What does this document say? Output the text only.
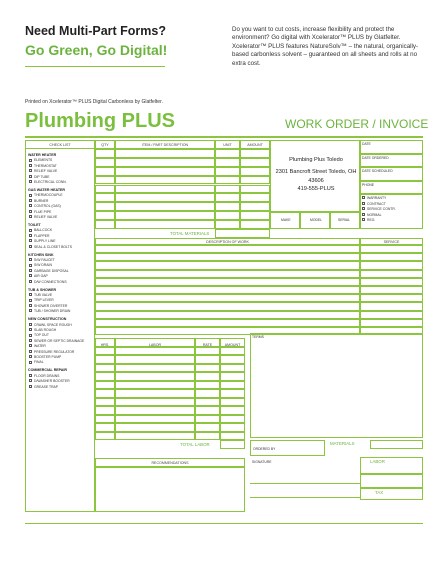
Need Multi-Part Forms?
Go Green, Go Digital!
Do you want to cut costs, increase flexibility and protect the environment? Go digital with Xcelerator™ PLUS by Glatfelter. Xcelerator™ PLUS features NatureSolv™ – the natural, organically-based carbonless solvent – guaranteed on all sheets and rolls at no extra cost.
Printed on Xcelerator™ PLUS Digital Carbonless by Glatfelter.
Plumbing PLUS	WORK ORDER / INVOICE
CHECK LIST
WATER HEATER
ELEMENTS
THERMOSTAT
RELIEF VALVE
DIP TUBE
ELECTRICAL CONN.
GAS WATER HEATER
THERMOCOUPLE
BURNER
CONTROL (GAS)
FLUE PIPE
RELIEF VALVE
TOILET
BALLCOCK
FLAPPER
SUPPLY LINE
SEAL & CLOSET BOLTS
KITCHEN SINK
S/W FAUCET
S/W DRAIN
GARBAGE DISPOSAL
AIR GAP
D/W CONNECTIONS
TUB & SHOWER
TUB VALVE
TRIP LEVER
SHOWER DIVERTER
TUB / SHOWER DRAIN
NEW CONSTRUCTION
CRAWL SPACE ROUGH
SLAB ROUGH
TOP OUT
SEWER OR SEPTIC DRAINAGE
WATER
PRESSURE REGULATOR
BOOSTER PUMP
FINAL
COMMERCIAL REPAIR
FLOOR DRAINS
D/WASHER BOOSTER
GREASE TRAP
QTY	ITEM / PART DESCRIPTION	UNIT	AMOUNT
Plumbing Plus Toledo
2301 Bancroft Street Toledo, OH
43606
419-555-PLUS
MAKE	MODEL	SERIAL
DATE
DATE ORDERED
DATE SCHEDULED
PHONE
WARRANTY
CONTRACT
SERVICE CONTR.
NORMAL
REG.
TOTAL MATERIALS
DESCRIPTION OF WORK	SERVICE
HRS.	LABOR	RATE	AMOUNT
TERMS
TOTAL LABOR
ORDERED BY
MATERIALS
RECOMMENDATIONS	SIGNATURE	LABOR
TAX
